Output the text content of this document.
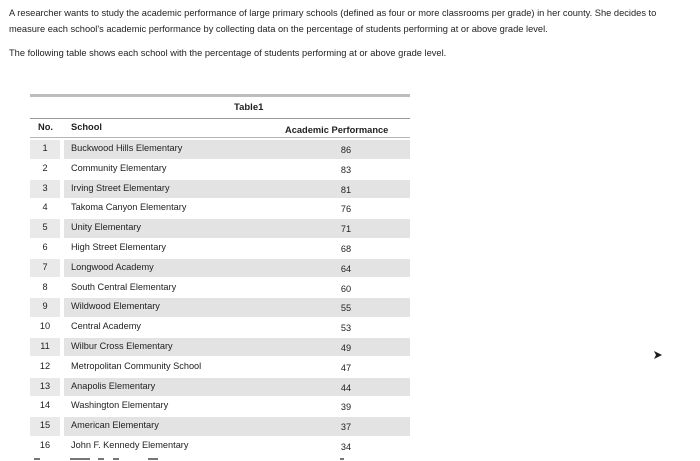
A researcher wants to study the academic performance of large primary schools (defined as four or more classrooms per grade) in her county. She decides to measure each school's academic performance by collecting data on the percentage of students performing at or above grade level.

The following table shows each school with the percentage of students performing at or above grade level.

Table1
No. School	Academic Performance
1	Buckwood Hills Elementary	86
2	Community Elementary	83
3	Irving Street Elementary	81
4	Takoma Canyon Elementary	76
5	Unity Elementary	71
6	High Street Elementary	68
7	Longwood Academy	64
8	South Central Elementary	60
9	Wildwood Elementary	55
10	Central Academy	53
11	Wilbur Cross Elementary	49
12	Metropolitan Community School	47
13	Anapolis Elementary	44
14	Washington Elementary	39
15	American Elementary	37
16	John F. Kennedy Elementary	34
